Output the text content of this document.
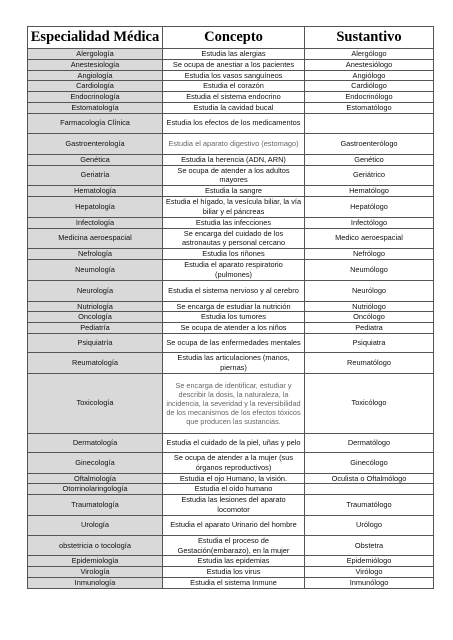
Especialidad Médica	Concepto	Sustantivo
Alergología	Estudia las alergias	Alergólogo
Anestesiología	Se ocupa de anestiar a los pacientes	Anestesiólogo
Angiología	Estudia los vasos sanguíneos	Angiólogo
Cardiología	Estudia el corazón	Cardiólogo
Endocrinología	Estudia el sistema endocrino	Endocrinólogo
Estomatología	Estudia la cavidad bucal	Estomatólogo
Farmacología Clínica	Estudia los efectos de los medicamentos	
Gastroenterología	Estudia el aparato digestivo (estomago)	Gastroenterólogo
Genética	Estudia la herencia (ADN, ARN)	Genético
Geriatría	Se ocupa de atender a los adultos mayores	Geriátrico
Hematología	Estudia la sangre	Hematólogo
Hepatología	Estudia el hígado, la vesícula biliar, la vía biliar y el páncreas	Hepatólogo
Infectología	Estudia las infecciones	Infectólogo
Medicina aeroespacial	Se encarga del cuidado de los astronautas y personal cercano	Medico aeroespacial
Nefrología	Estudia los riñones	Nefrólogo
Neumología	Estudia el aparato respiratorio (pulmones)	Neumólogo
Neurología	Estudia el sistema nervioso y al cerebro	Neurólogo
Nutriología	Se encarga de estudiar la nutrición	Nutriólogo
Oncología	Estudia los tumores	Oncólogo
Pediatría	Se ocupa de atender a los niños	Pediatra
Psiquiatría	Se ocupa de las enfermedades mentales	Psiquiatra
Reumatología	Estudia las articulaciones (manos, piernas)	Reumatólogo
Toxicología	Se encarga de identificar, estudiar y describir la dosis, la naturaleza, la incidencia, la severidad y la reversibilidad de los mecanismos de los efectos tóxicos que producen las sustancias.	Toxicólogo
Dermatología	Estudia el cuidado de la piel, uñas y pelo	Dermatólogo
Ginecología	Se ocupa de atender a la mujer (sus órganos reproductivos)	Ginecólogo
Oftalmología	Estudia el ojo Humano, la visión.	Oculista o Oftalmólogo
Otorrinolaringología	Estudia el oído humano	
Traumatología	Estudia las lesiones del aparato locomotor	Traumatólogo
Urología	Estudia el aparato Urinario del hombre	Urólogo
obstetricia o tocología	Estudia el proceso de Gestación(embarazo), en la mujer	Obstetra
Epidemiología	Estudia las epidemias	Epidemiólogo
Virología	Estudia los virus	Virólogo
Inmunología	Estudia el sistema Inmune	Inmunólogo
